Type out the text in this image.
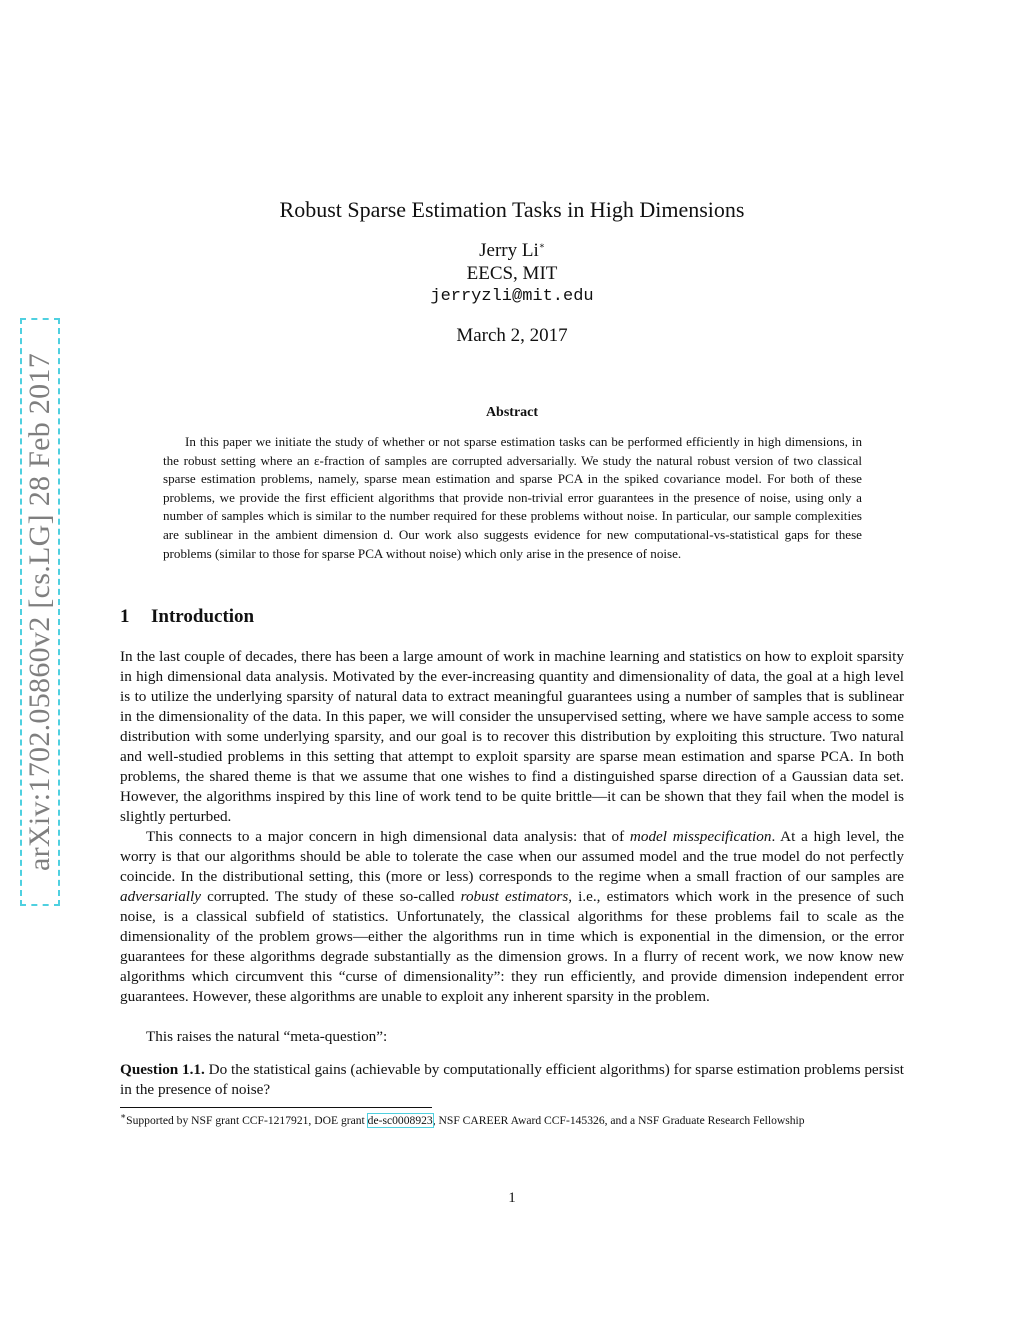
arXiv:1702.05860v2 [cs.LG] 28 Feb 2017
Robust Sparse Estimation Tasks in High Dimensions
Jerry Li∗
EECS, MIT
jerryzli@mit.edu
March 2, 2017
Abstract
In this paper we initiate the study of whether or not sparse estimation tasks can be performed efficiently in high dimensions, in the robust setting where an ε-fraction of samples are corrupted adversarially. We study the natural robust version of two classical sparse estimation problems, namely, sparse mean estimation and sparse PCA in the spiked covariance model. For both of these problems, we provide the first efficient algorithms that provide non-trivial error guarantees in the presence of noise, using only a number of samples which is similar to the number required for these problems without noise. In particular, our sample complexities are sublinear in the ambient dimension d. Our work also suggests evidence for new computational-vs-statistical gaps for these problems (similar to those for sparse PCA without noise) which only arise in the presence of noise.
1 Introduction
In the last couple of decades, there has been a large amount of work in machine learning and statistics on how to exploit sparsity in high dimensional data analysis. Motivated by the ever-increasing quantity and dimensionality of data, the goal at a high level is to utilize the underlying sparsity of natural data to extract meaningful guarantees using a number of samples that is sublinear in the dimensionality of the data. In this paper, we will consider the unsupervised setting, where we have sample access to some distribution with some underlying sparsity, and our goal is to recover this distribution by exploiting this structure. Two natural and well-studied problems in this setting that attempt to exploit sparsity are sparse mean estimation and sparse PCA. In both problems, the shared theme is that we assume that one wishes to find a distinguished sparse direction of a Gaussian data set. However, the algorithms inspired by this line of work tend to be quite brittle—it can be shown that they fail when the model is slightly perturbed.
This connects to a major concern in high dimensional data analysis: that of model misspecification. At a high level, the worry is that our algorithms should be able to tolerate the case when our assumed model and the true model do not perfectly coincide. In the distributional setting, this (more or less) corresponds to the regime when a small fraction of our samples are adversarially corrupted. The study of these so-called robust estimators, i.e., estimators which work in the presence of such noise, is a classical subfield of statistics. Unfortunately, the classical algorithms for these problems fail to scale as the dimensionality of the problem grows—either the algorithms run in time which is exponential in the dimension, or the error guarantees for these algorithms degrade substantially as the dimension grows. In a flurry of recent work, we now know new algorithms which circumvent this “curse of dimensionality”: they run efficiently, and provide dimension independent error guarantees. However, these algorithms are unable to exploit any inherent sparsity in the problem.
This raises the natural “meta-question”:
Question 1.1. Do the statistical gains (achievable by computationally efficient algorithms) for sparse estimation problems persist in the presence of noise?
∗Supported by NSF grant CCF-1217921, DOE grant de-sc0008923, NSF CAREER Award CCF-145326, and a NSF Graduate Research Fellowship
1
